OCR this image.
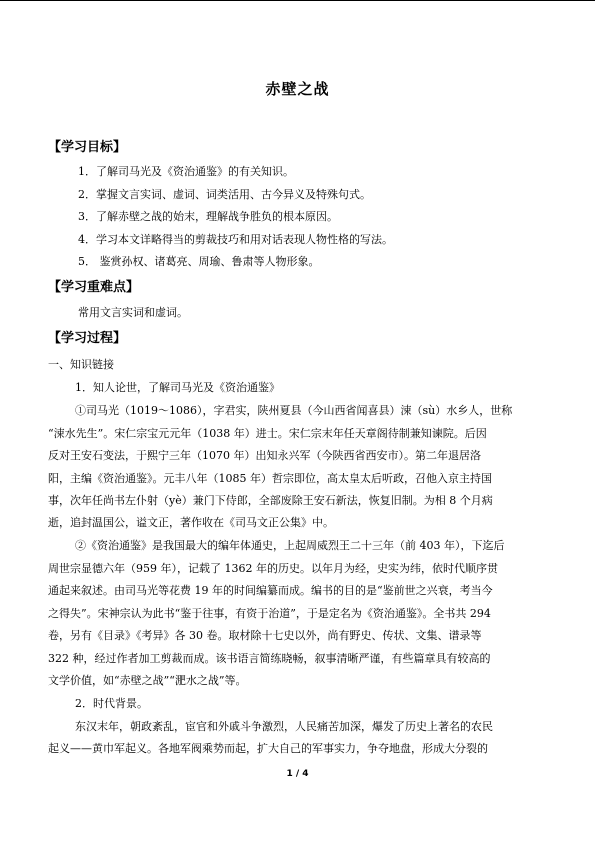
赤壁之战
【学习目标】
1．了解司马光及《资治通鉴》的有关知识。
2．掌握文言实词、虚词、词类活用、古今异义及特殊句式。
3．了解赤壁之战的始末，理解战争胜负的根本原因。
4．学习本文详略得当的剪裁技巧和用对话表现人物性格的写法。
5． 鉴赏孙权、诸葛亮、周瑜、鲁肃等人物形象。
【学习重难点】
常用文言实词和虚词。
【学习过程】
一、知识链接
1．知人论世，了解司马光及《资治通鉴》
①司马光（1019～1086），字君实，陕州夏县（今山西省闻喜县）涑（sù）水乡人，世称
“涑水先生”。宋仁宗宝元元年（1038 年）进士。宋仁宗末年任天章阁待制兼知谏院。后因
反对王安石变法，于熙宁三年（1070 年）出知永兴军（今陕西省西安市）。第二年退居洛
阳，主编《资治通鉴》。元丰八年（1085 年）哲宗即位，高太皇太后听政，召他入京主持国
事，次年任尚书左仆射（yè）兼门下侍郎，全部废除王安石新法，恢复旧制。为相 8 个月病
逝，追封温国公，谥文正，著作收在《司马文正公集》中。
②《资治通鉴》是我国最大的编年体通史，上起周威烈王二十三年（前 403 年），下迄后
周世宗显德六年（959 年），记载了 1362 年的历史。以年月为经，史实为纬，依时代顺序贯
通起来叙述。由司马光等花费 19 年的时间编纂而成。编书的目的是“鉴前世之兴衰，考当今
之得失”。宋神宗认为此书“鉴于往事，有资于治道”，于是定名为《资治通鉴》。全书共 294
卷，另有《目录》《考异》各 30 卷。取材除十七史以外，尚有野史、传状、文集、谱录等
322 种，经过作者加工剪裁而成。该书语言简练晓畅，叙事清晰严谨，有些篇章具有较高的
文学价值，如“赤壁之战”“淝水之战”等。
2．时代背景。
东汉末年，朝政紊乱，宦官和外戚斗争激烈，人民痛苦加深，爆发了历史上著名的农民
起义——黄巾军起义。各地军阀乘势而起，扩大自己的军事实力，争夺地盘，形成大分裂的
1 / 4
